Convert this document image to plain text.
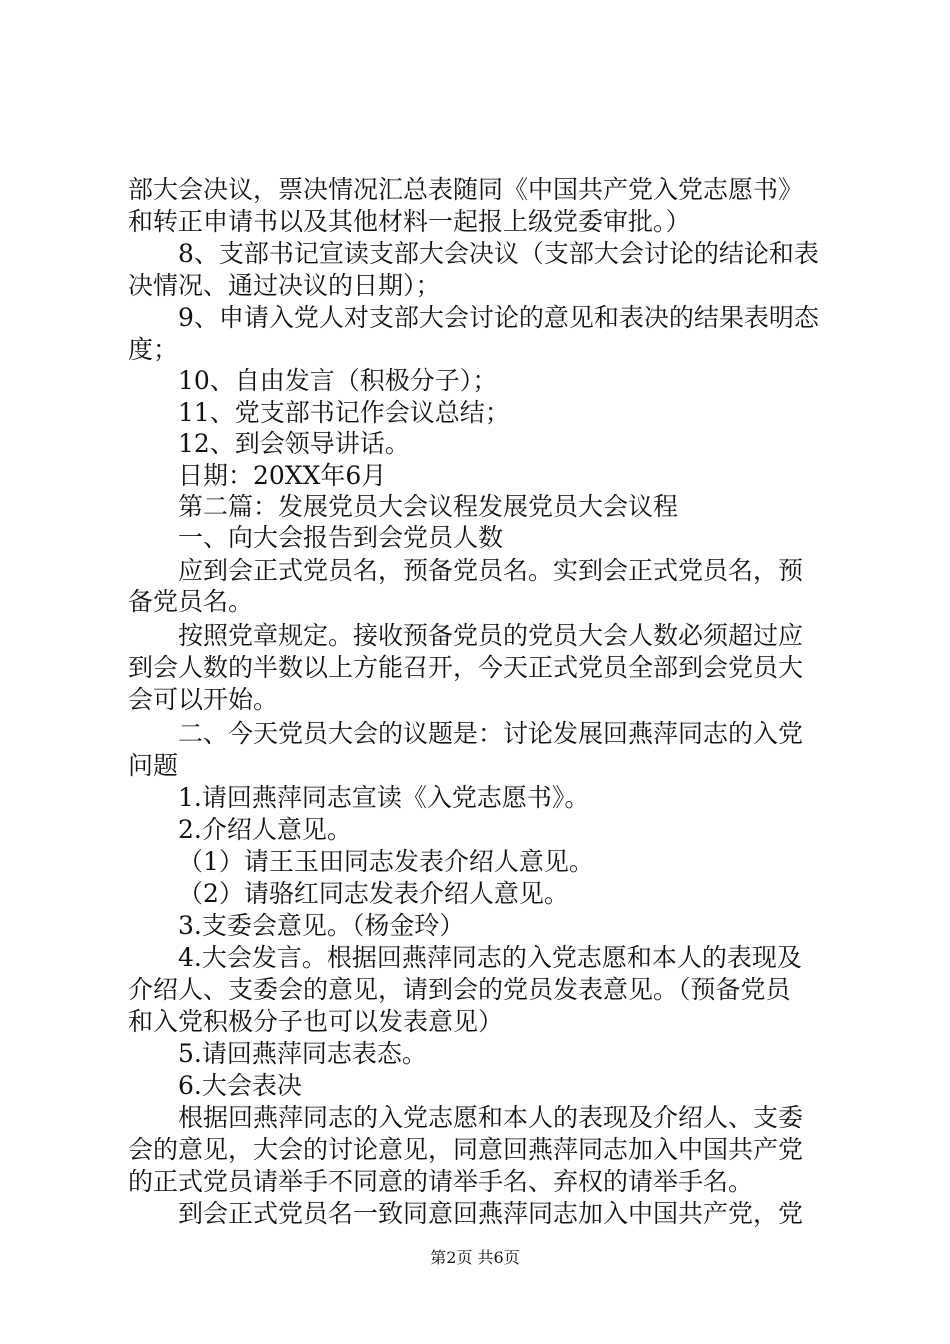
部大会决议，票决情况汇总表随同《中国共产党入党志愿书》
和转正申请书以及其他材料一起报上级党委审批。）
8、支部书记宣读支部大会决议（支部大会讨论的结论和表
决情况、通过决议的日期）；
9、申请入党人对支部大会讨论的意见和表决的结果表明态
度；
10、自由发言（积极分子）；
11、党支部书记作会议总结；
12、到会领导讲话。
日期：20XX年6月
第二篇：发展党员大会议程发展党员大会议程
一、向大会报告到会党员人数
应到会正式党员名，预备党员名。实到会正式党员名，预
备党员名。
按照党章规定。接收预备党员的党员大会人数必须超过应
到会人数的半数以上方能召开，今天正式党员全部到会党员大
会可以开始。
二、今天党员大会的议题是：讨论发展回燕萍同志的入党
问题
1.请回燕萍同志宣读《入党志愿书》。
2.介绍人意见。
（1）请王玉田同志发表介绍人意见。
（2）请骆红同志发表介绍人意见。
3.支委会意见。（杨金玲）
4.大会发言。根据回燕萍同志的入党志愿和本人的表现及
介绍人、支委会的意见，请到会的党员发表意见。（预备党员
和入党积极分子也可以发表意见）
5.请回燕萍同志表态。
6.大会表决
根据回燕萍同志的入党志愿和本人的表现及介绍人、支委
会的意见，大会的讨论意见，同意回燕萍同志加入中国共产党
的正式党员请举手不同意的请举手名、弃权的请举手名。
到会正式党员名一致同意回燕萍同志加入中国共产党，党
第2页 共6页
